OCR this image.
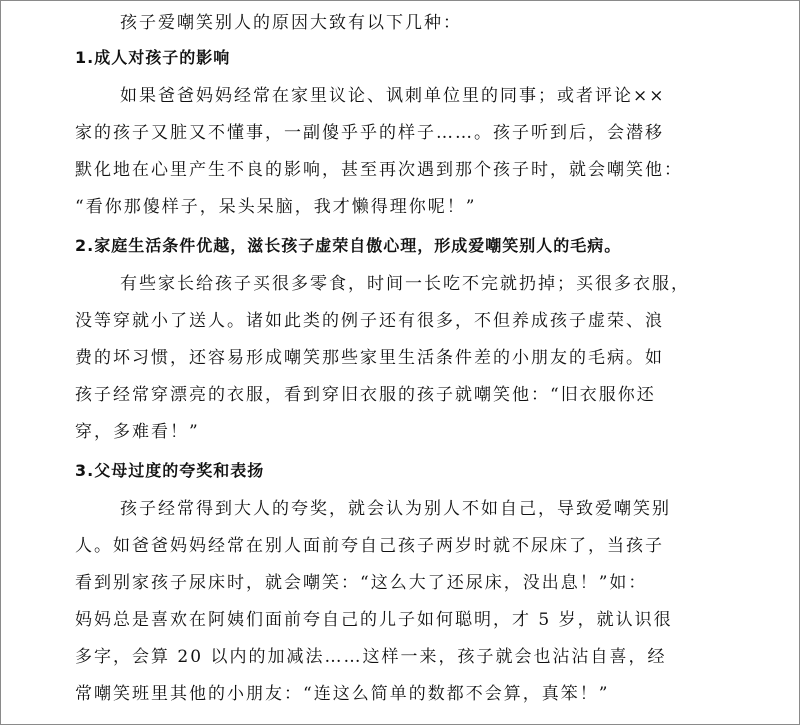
孩子爱嘲笑别人的原因大致有以下几种：

1.成人对孩子的影响

如果爸爸妈妈经常在家里议论、讽刺单位里的同事；或者评论××
家的孩子又脏又不懂事，一副傻乎乎的样子……。孩子听到后，会潜移
默化地在心里产生不良的影响，甚至再次遇到那个孩子时，就会嘲笑他：
“看你那傻样子，呆头呆脑，我才懒得理你呢！”

2.家庭生活条件优越，滋长孩子虚荣自傲心理，形成爱嘲笑别人的毛病。

有些家长给孩子买很多零食，时间一长吃不完就扔掉；买很多衣服，
没等穿就小了送人。诸如此类的例子还有很多，不但养成孩子虚荣、浪
费的坏习惯，还容易形成嘲笑那些家里生活条件差的小朋友的毛病。如
孩子经常穿漂亮的衣服，看到穿旧衣服的孩子就嘲笑他：“旧衣服你还
穿，多难看！”

3.父母过度的夸奖和表扬

孩子经常得到大人的夸奖，就会认为别人不如自己，导致爱嘲笑别
人。如爸爸妈妈经常在别人面前夸自己孩子两岁时就不尿床了，当孩子
看到别家孩子尿床时，就会嘲笑：“这么大了还尿床，没出息！”如：
妈妈总是喜欢在阿姨们面前夸自己的儿子如何聪明，才 5 岁，就认识很
多字，会算 20 以内的加减法……这样一来，孩子就会也沾沾自喜，经
常嘲笑班里其他的小朋友：“连这么简单的数都不会算，真笨！”
